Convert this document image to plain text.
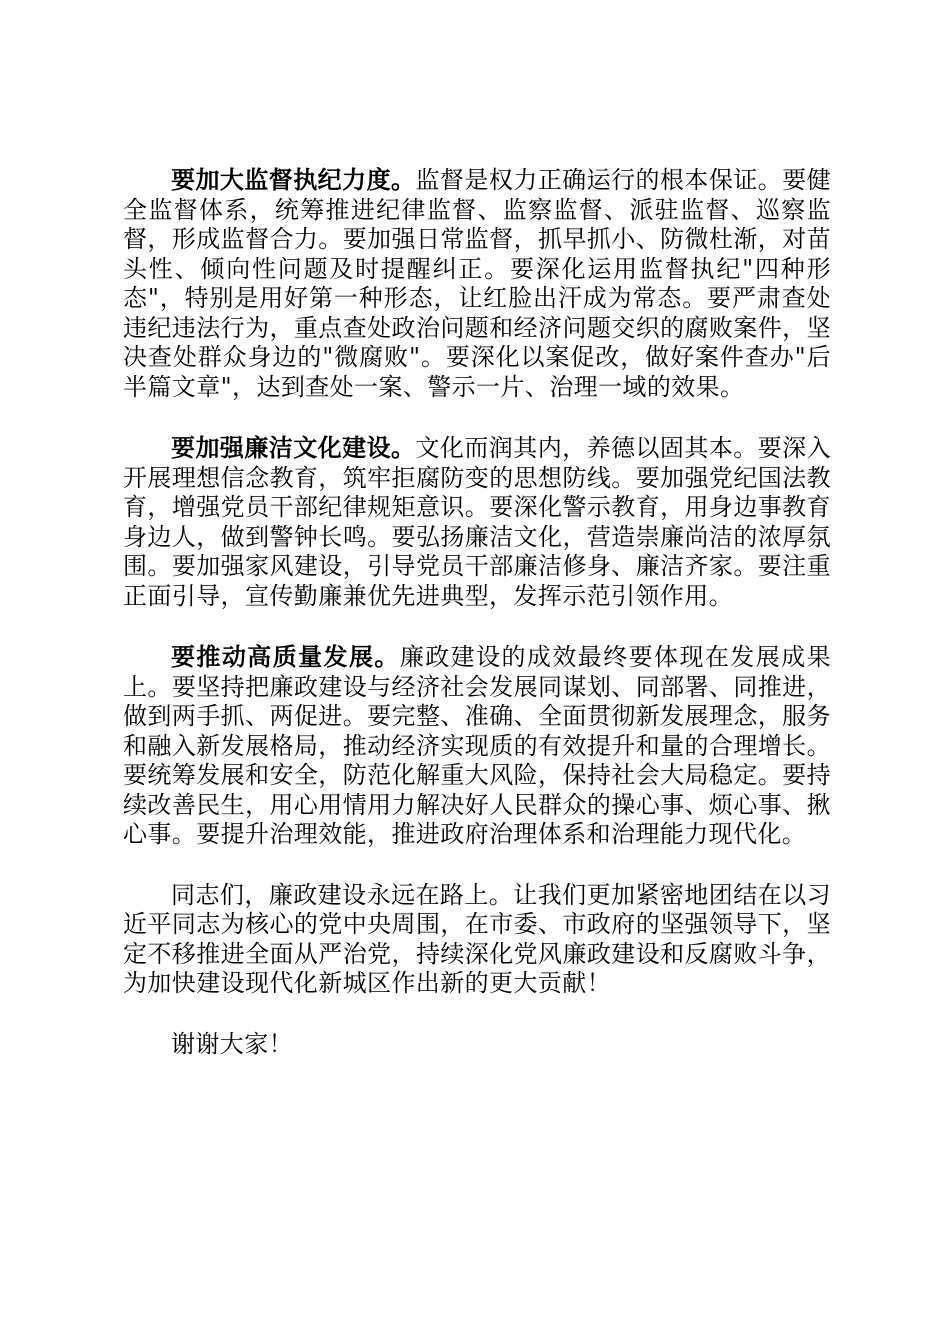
要加大监督执纪力度。监督是权力正确运行的根本保证。要健全监督体系，统筹推进纪律监督、监察监督、派驻监督、巡察监督，形成监督合力。要加强日常监督，抓早抓小、防微杜渐，对苗头性、倾向性问题及时提醒纠正。要深化运用监督执纪"四种形态"，特别是用好第一种形态，让红脸出汗成为常态。要严肃查处违纪违法行为，重点查处政治问题和经济问题交织的腐败案件，坚决查处群众身边的"微腐败"。要深化以案促改，做好案件查办"后半篇文章"，达到查处一案、警示一片、治理一域的效果。

要加强廉洁文化建设。文化而润其内，养德以固其本。要深入开展理想信念教育，筑牢拒腐防变的思想防线。要加强党纪国法教育，增强党员干部纪律规矩意识。要深化警示教育，用身边事教育身边人，做到警钟长鸣。要弘扬廉洁文化，营造崇廉尚洁的浓厚氛围。要加强家风建设，引导党员干部廉洁修身、廉洁齐家。要注重正面引导，宣传勤廉兼优先进典型，发挥示范引领作用。

要推动高质量发展。廉政建设的成效最终要体现在发展成果上。要坚持把廉政建设与经济社会发展同谋划、同部署、同推进，做到两手抓、两促进。要完整、准确、全面贯彻新发展理念，服务和融入新发展格局，推动经济实现质的有效提升和量的合理增长。要统筹发展和安全，防范化解重大风险，保持社会大局稳定。要持续改善民生，用心用情用力解决好人民群众的操心事、烦心事、揪心事。要提升治理效能，推进政府治理体系和治理能力现代化。

同志们，廉政建设永远在路上。让我们更加紧密地团结在以习近平同志为核心的党中央周围，在市委、市政府的坚强领导下，坚定不移推进全面从严治党，持续深化党风廉政建设和反腐败斗争，为加快建设现代化新城区作出新的更大贡献！

谢谢大家！
